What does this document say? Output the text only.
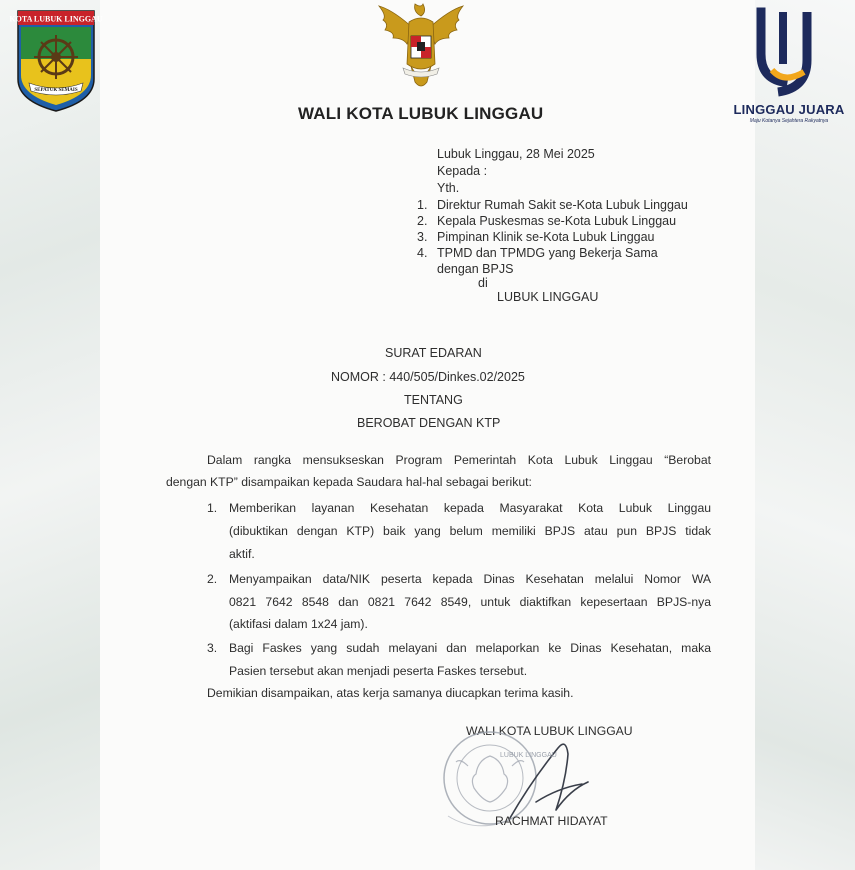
KOTA LUBUK LINGGAU
SEPATUK SEMAIS
LINGGAU JUARA
Maju Kotanya Sejahtera Rakyatnya
WALI KOTA LUBUK LINGGAU
Lubuk Linggau, 28 Mei 2025
Kepada :
Yth.
1. Direktur Rumah Sakit se-Kota Lubuk Linggau
2. Kepala Puskesmas se-Kota Lubuk Linggau
3. Pimpinan Klinik se-Kota Lubuk Linggau
4. TPMD dan TPMDG yang Bekerja Sama
dengan BPJS
di
LUBUK LINGGAU
SURAT EDARAN
NOMOR : 440/505/Dinkes.02/2025
TENTANG
BEROBAT DENGAN KTP
Dalam rangka mensukseskan Program Pemerintah Kota Lubuk Linggau “Berobat
dengan KTP” disampaikan kepada Saudara hal-hal sebagai berikut:
1. Memberikan layanan Kesehatan kepada Masyarakat Kota Lubuk Linggau
(dibuktikan dengan KTP) baik yang belum memiliki BPJS atau pun BPJS tidak
aktif.
2. Menyampaikan data/NIK peserta kepada Dinas Kesehatan melalui Nomor WA
0821 7642 8548 dan 0821 7642 8549, untuk diaktifkan kepesertaan BPJS-nya
(aktifasi dalam 1x24 jam).
3. Bagi Faskes yang sudah melayani dan melaporkan ke Dinas Kesehatan, maka
Pasien tersebut akan menjadi peserta Faskes tersebut.
Demikian disampaikan, atas kerja samanya diucapkan terima kasih.
WALI KOTA LUBUK LINGGAU
LUBUK LINGGAU
RACHMAT HIDAYAT
